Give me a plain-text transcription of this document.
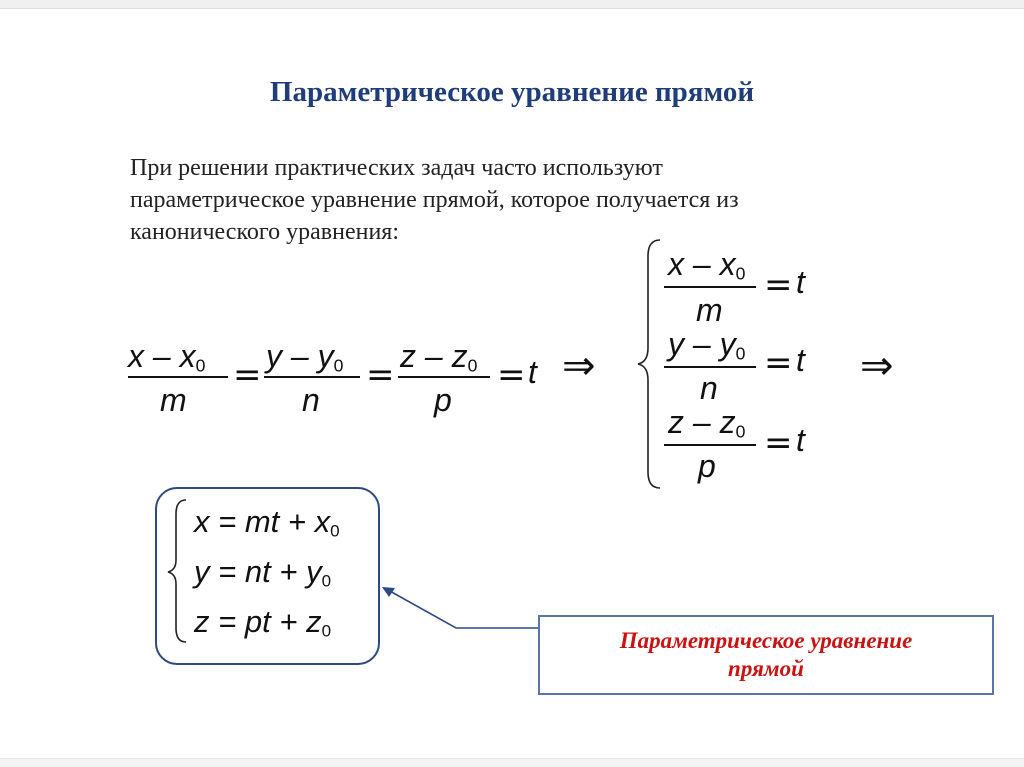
Параметрическое уравнение прямой
При решении практических задач часто используют
параметрическое уравнение прямой, которое получается из
канонического уравнения:
x – $x_0$
m
= y – $y_0$
n
= z – $z_0$
p
= t ⇒
x – $x_0$
m
= t
y – $y_0$
n
= t
z – $z_0$
p
= t
⇒
x = mt + $x_0$
y = nt + $y_0$
z = pt + $z_0$	Параметрическое уравнение
прямой
